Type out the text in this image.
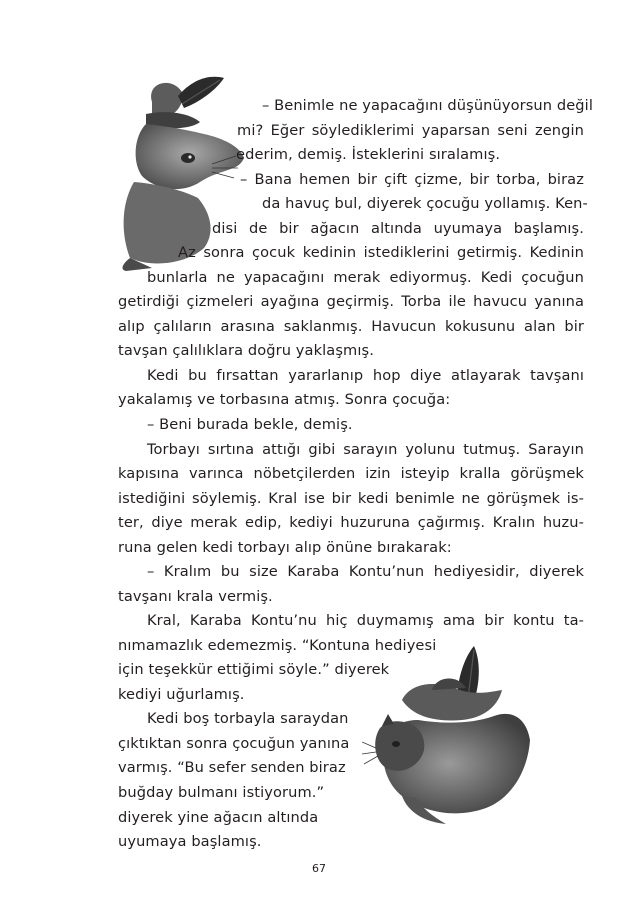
– Benimle ne yapacağını düşünüyorsun değil
mi? Eğer söylediklerimi yaparsan seni zengin
ederim, demiş. İsteklerini sıralamış.
– Bana hemen bir çift çizme, bir torba, biraz
da havuç bul, diyerek çocuğu yollamış. Ken-
disi de bir ağacın altında uyumaya başlamış.
Az sonra çocuk kedinin istediklerini getirmiş. Kedinin
bunlarla ne yapacağını merak ediyormuş. Kedi çocuğun
getirdiği çizmeleri ayağına geçirmiş. Torba ile havucu yanına
alıp çalıların arasına saklanmış. Havucun kokusunu alan bir
tavşan çalılıklara doğru yaklaşmış.
Kedi bu fırsattan yararlanıp hop diye atlayarak tavşanı
yakalamış ve torbasına atmış. Sonra çocuğa:
– Beni burada bekle, demiş.
Torbayı sırtına attığı gibi sarayın yolunu tutmuş. Sarayın
kapısına varınca nöbetçilerden izin isteyip kralla görüşmek
istediğini söylemiş. Kral ise bir kedi benimle ne görüşmek is-
ter, diye merak edip, kediyi huzuruna çağırmış. Kralın huzu-
runa gelen kedi torbayı alıp önüne bırakarak:
– Kralım bu size Karaba Kontu’nun hediyesidir, diyerek
tavşanı krala vermiş.
Kral, Karaba Kontu’nu hiç duymamış ama bir kontu ta-
nımamazlık edemezmiş. “Kontuna hediyesi
için teşekkür ettiğimi söyle.” diyerek
kediyi uğurlamış.
Kedi boş torbayla saraydan
çıktıktan sonra çocuğun yanına
varmış. “Bu sefer senden biraz
buğday bulmanı istiyorum.”
diyerek yine ağacın altında
uyumaya başlamış.
67
